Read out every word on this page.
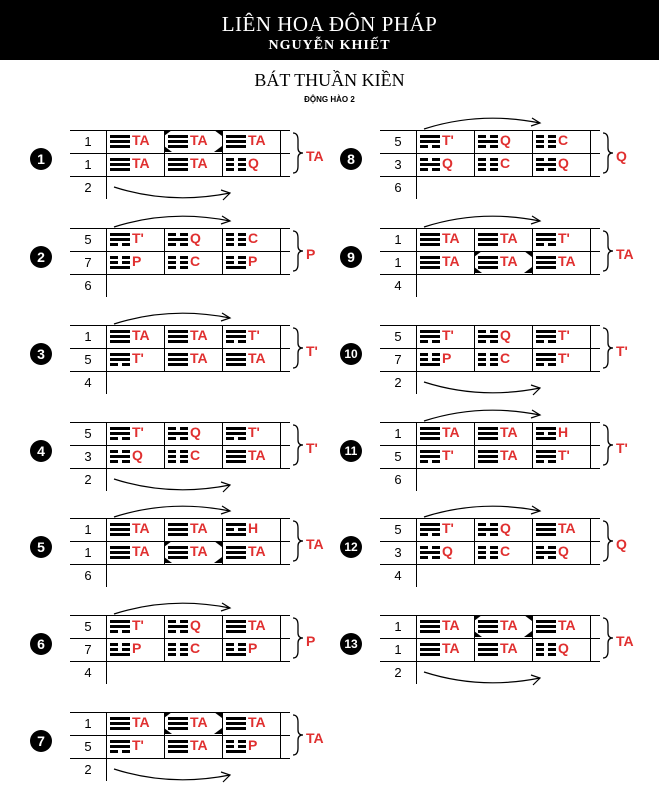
LIÊN HOA ĐÔN PHÁP
NGUYỄN KHIẾT
BÁT THUẦN KIỀN
ĐỘNG HÀO 2
1
1	TA	TA	TA
1	TA	TA	Q
2
TA
2
5	T'	Q	C
7	P	C	P
6
P
3
1	TA	TA	T'
5	T'	TA	TA
4
T'
4
5	T'	Q	T'
3	Q	C	TA
2
T'
5
1	TA	TA	H
1	TA	TA	TA
6
TA
6
5	T'	Q	TA
7	P	C	P
4
P
7
1	TA	TA	TA
5	T'	TA	P
2
TA
8
5	T'	Q	C
3	Q	C	Q
6
Q
9
1	TA	TA	T'
1	TA	TA	TA
4
TA
10
5	T'	Q	T'
7	P	C	T'
2
T'
11
1	TA	TA	H
5	T'	TA	T'
6
T'
12
5	T'	Q	TA
3	Q	C	Q
4
Q
13
1	TA	TA	TA
1	TA	TA	Q
2
TA
